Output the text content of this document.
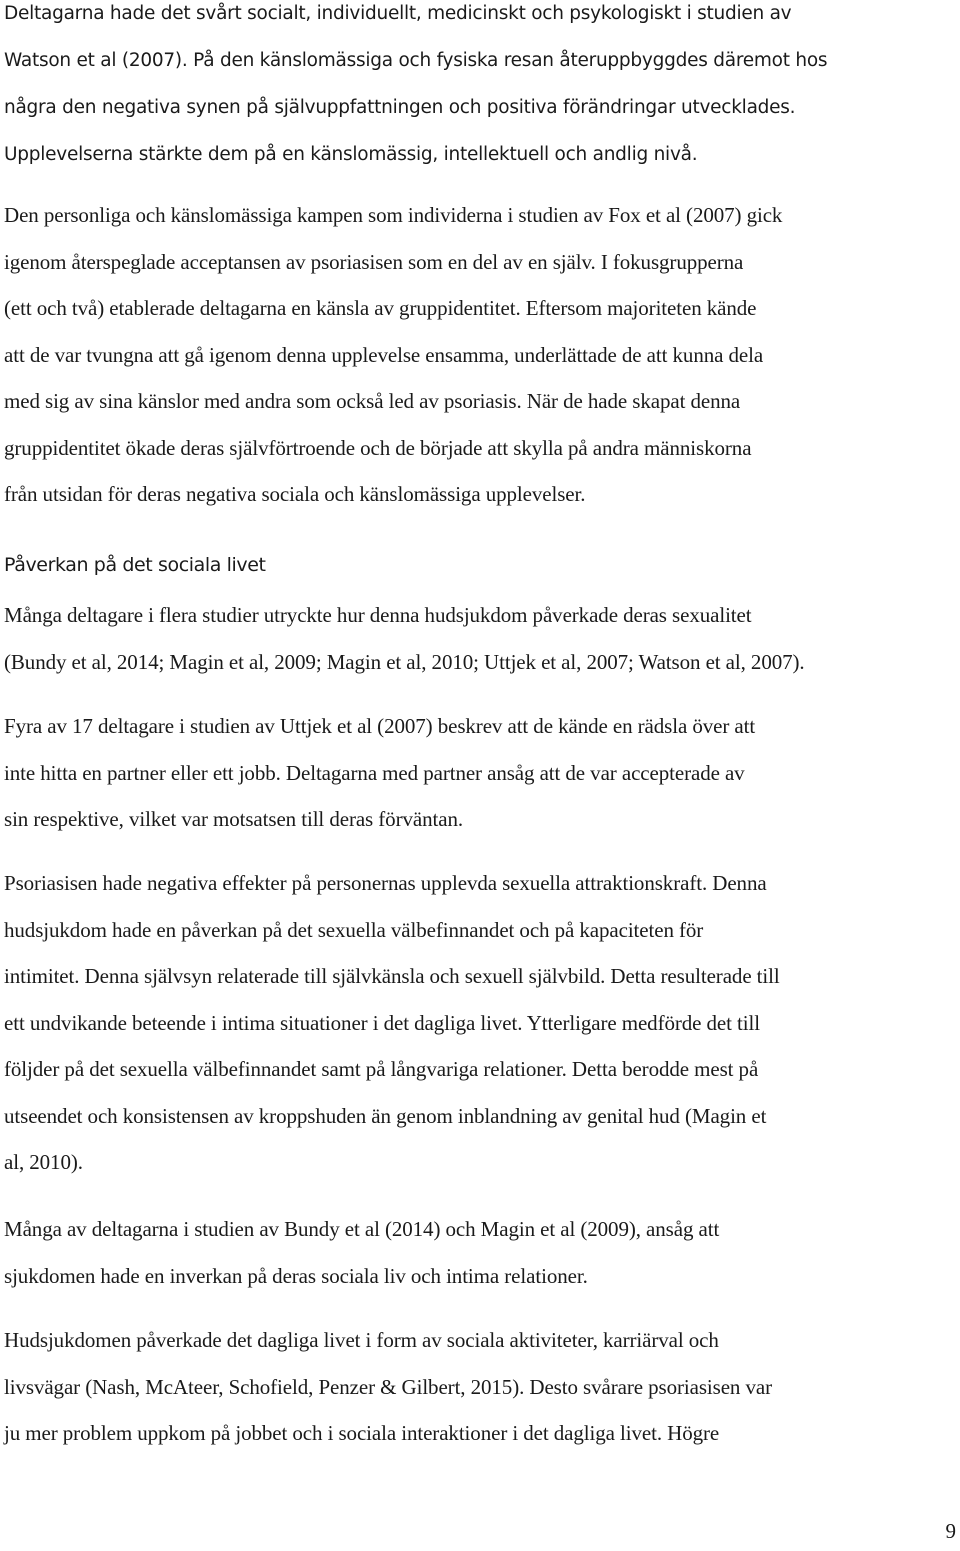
Deltagarna hade det svårt socialt, individuellt, medicinskt och psykologiskt i studien av
Watson et al (2007). På den känslomässiga och fysiska resan återuppbyggdes däremot hos
några den negativa synen på självuppfattningen och positiva förändringar utvecklades.
Upplevelserna stärkte dem på en känslomässig, intellektuell och andlig nivå.

Den personliga och känslomässiga kampen som individerna i studien av Fox et al (2007) gick
igenom återspeglade acceptansen av psoriasisen som en del av en själv. I fokusgrupperna
(ett och två) etablerade deltagarna en känsla av gruppidentitet. Eftersom majoriteten kände
att de var tvungna att gå igenom denna upplevelse ensamma, underlättade de att kunna dela
med sig av sina känslor med andra som också led av psoriasis. När de hade skapat denna
gruppidentitet ökade deras självförtroende och de började att skylla på andra människorna
från utsidan för deras negativa sociala och känslomässiga upplevelser.

Påverkan på det sociala livet

Många deltagare i flera studier utryckte hur denna hudsjukdom påverkade deras sexualitet
(Bundy et al, 2014; Magin et al, 2009; Magin et al, 2010; Uttjek et al, 2007; Watson et al, 2007).

Fyra av 17 deltagare i studien av Uttjek et al (2007) beskrev att de kände en rädsla över att
inte hitta en partner eller ett jobb. Deltagarna med partner ansåg att de var accepterade av
sin respektive, vilket var motsatsen till deras förväntan.

Psoriasisen hade negativa effekter på personernas upplevda sexuella attraktionskraft. Denna
hudsjukdom hade en påverkan på det sexuella välbefinnandet och på kapaciteten för
intimitet. Denna självsyn relaterade till självkänsla och sexuell självbild. Detta resulterade till
ett undvikande beteende i intima situationer i det dagliga livet. Ytterligare medförde det till
följder på det sexuella välbefinnandet samt på långvariga relationer. Detta berodde mest på
utseendet och konsistensen av kroppshuden än genom inblandning av genital hud (Magin et
al, 2010).

Många av deltagarna i studien av Bundy et al (2014) och Magin et al (2009), ansåg att
sjukdomen hade en inverkan på deras sociala liv och intima relationer.

Hudsjukdomen påverkade det dagliga livet i form av sociala aktiviteter, karriärval och
livsvägar (Nash, McAteer, Schofield, Penzer & Gilbert, 2015). Desto svårare psoriasisen var
ju mer problem uppkom på jobbet och i sociala interaktioner i det dagliga livet. Högre

9
